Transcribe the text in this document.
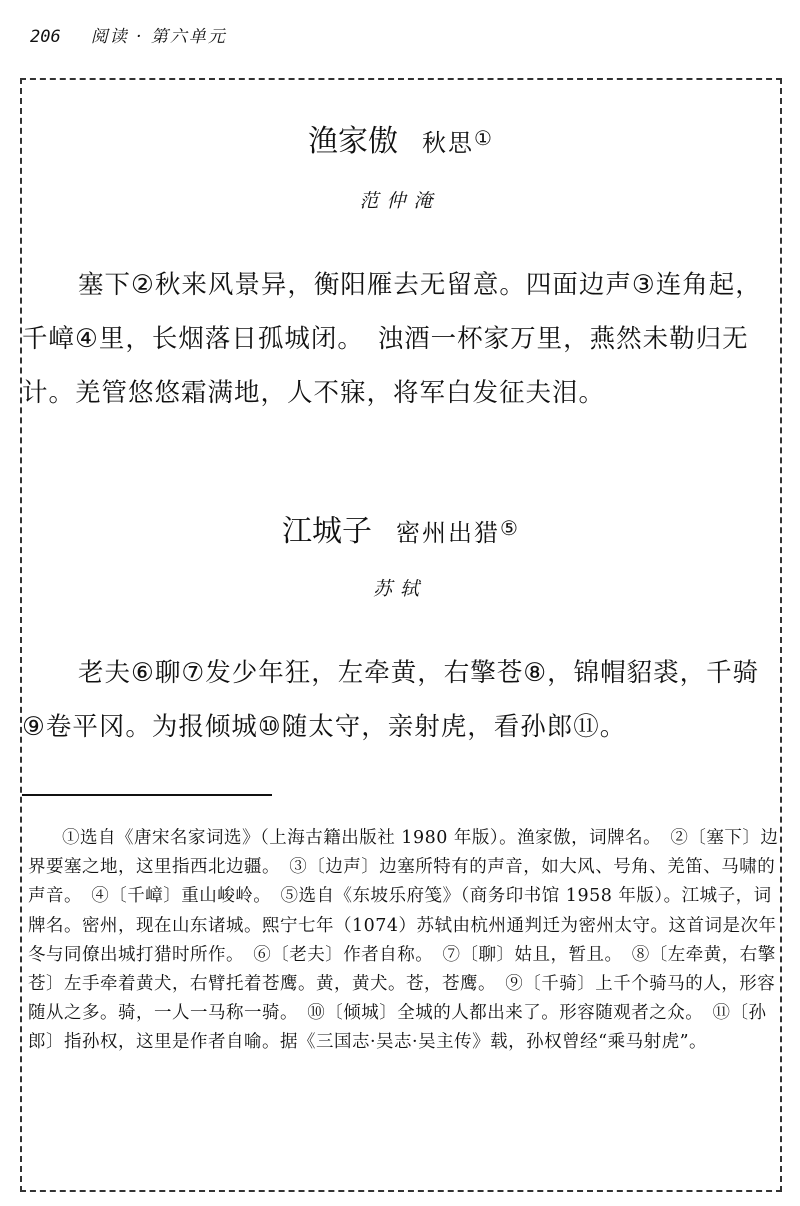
206 阅读 · 第六单元
渔家傲 秋思①
范仲淹

塞下②秋来风景异，衡阳雁去无留意。四面边声③连角起，千嶂④里，长烟落日孤城闭。　浊酒一杯家万里，燕然未勒归无计。羌管悠悠霜满地，人不寐，将军白发征夫泪。

江城子 密州出猎⑤
苏轼

老夫⑥聊⑦发少年狂，左牵黄，右擎苍⑧，锦帽貂裘，千骑⑨卷平冈。为报倾城⑩随太守，亲射虎，看孙郎⑪。

①选自《唐宋名家词选》（上海古籍出版社 1980 年版）。渔家傲，词牌名。　②〔塞下〕边界要塞之地，这里指西北边疆。　③〔边声〕边塞所特有的声音，如大风、号角、羌笛、马啸的声音。　④〔千嶂〕重山峻岭。　⑤选自《东坡乐府笺》（商务印书馆 1958 年版）。江城子，词牌名。密州，现在山东诸城。熙宁七年（1074）苏轼由杭州通判迁为密州太守。这首词是次年冬与同僚出城打猎时所作。　⑥〔老夫〕作者自称。　⑦〔聊〕姑且，暂且。　⑧〔左牵黄，右擎苍〕左手牵着黄犬，右臂托着苍鹰。黄，黄犬。苍，苍鹰。　⑨〔千骑〕上千个骑马的人，形容随从之多。骑，一人一马称一骑。　⑩〔倾城〕全城的人都出来了。形容随观者之众。　⑪〔孙郎〕指孙权，这里是作者自喻。据《三国志·吴志·吴主传》载，孙权曾经“乘马射虎”。
